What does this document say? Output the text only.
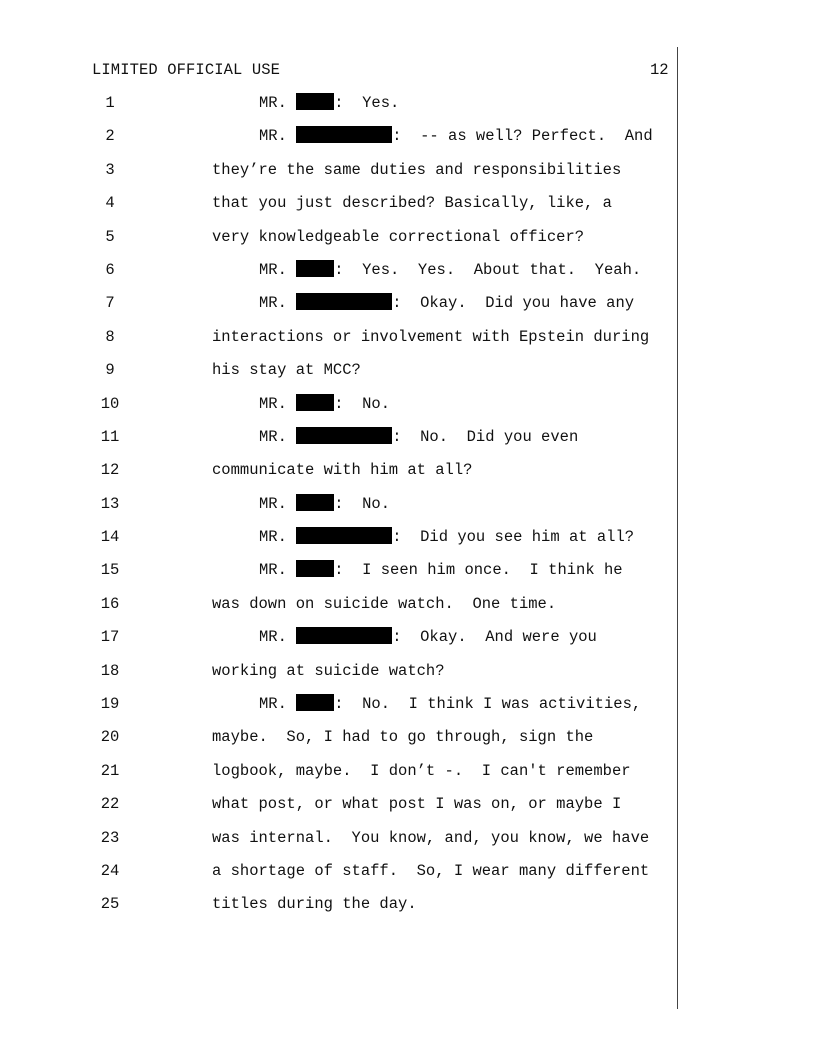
LIMITED OFFICIAL USE	12
1	MR. :  Yes.
2	MR.	:  -- as well? Perfect.  And
3	they’re the same duties and responsibilities
4	that you just described? Basically, like, a
5	very knowledgeable correctional officer?
6	MR. :  Yes.  Yes.  About that.  Yeah.
7	MR.	:  Okay.  Did you have any
8	interactions or involvement with Epstein during
9	his stay at MCC?
10	MR. :  No.
11	MR.	:  No.  Did you even
12	communicate with him at all?
13	MR. :  No.
14	MR.	:  Did you see him at all?
15	MR. :  I seen him once.  I think he
16	was down on suicide watch.  One time.
17	MR.	:  Okay.  And were you
18	working at suicide watch?
19	MR. :  No.  I think I was activities,
20	maybe.  So, I had to go through, sign the
21	logbook, maybe.  I don’t -.  I can't remember
22	what post, or what post I was on, or maybe I
23	was internal.  You know, and, you know, we have
24	a shortage of staff.  So, I wear many different
25	titles during the day.
